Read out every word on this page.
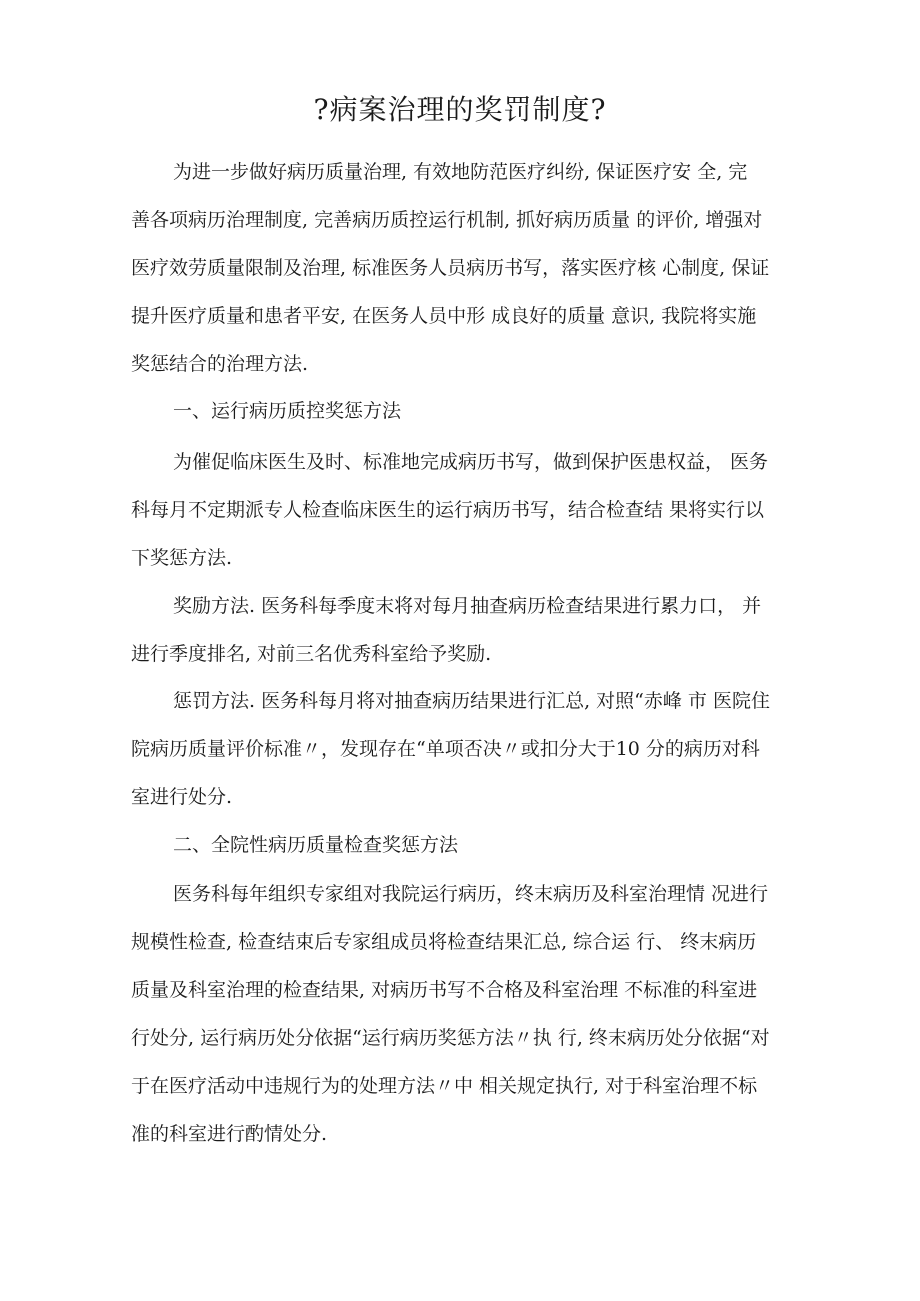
?病案治理的奖罚制度?
为进一步做好病历质量治理, 有效地防范医疗纠纷, 保证医疗安 全, 完
善各项病历治理制度, 完善病历质控运行机制, 抓好病历质量 的评价, 增强对
医疗效劳质量限制及治理, 标准医务人员病历书写，落实医疗核 心制度, 保证
提升医疗质量和患者平安, 在医务人员中形 成良好的质量 意识, 我院将实施
奖惩结合的治理方法.
一、运行病历质控奖惩方法
为催促临床医生及时、标准地完成病历书写，做到保护医患权益， 医务
科每月不定期派专人检查临床医生的运行病历书写，结合检查结 果将实行以
下奖惩方法.
奖励方法. 医务科每季度末将对每月抽查病历检查结果进行累力口， 并
进行季度排名, 对前三名优秀科室给予奖励.
惩罚方法. 医务科每月将对抽查病历结果进行汇总, 对照“赤峰 市 医院住
院病历质量评价标准〃，发现存在“单项否决〃或扣分大于10 分的病历对科
室进行处分.
二、全院性病历质量检查奖惩方法
医务科每年组织专家组对我院运行病历，终末病历及科室治理情 况进行
规模性检查, 检查结束后专家组成员将检查结果汇总, 综合运 行、 终末病历
质量及科室治理的检查结果, 对病历书写不合格及科室治理 不标准的科室进
行处分, 运行病历处分依据“运行病历奖惩方法〃执 行, 终末病历处分依据“对
于在医疗活动中违规行为的处理方法〃中 相关规定执行, 对于科室治理不标
准的科室进行酌情处分.
